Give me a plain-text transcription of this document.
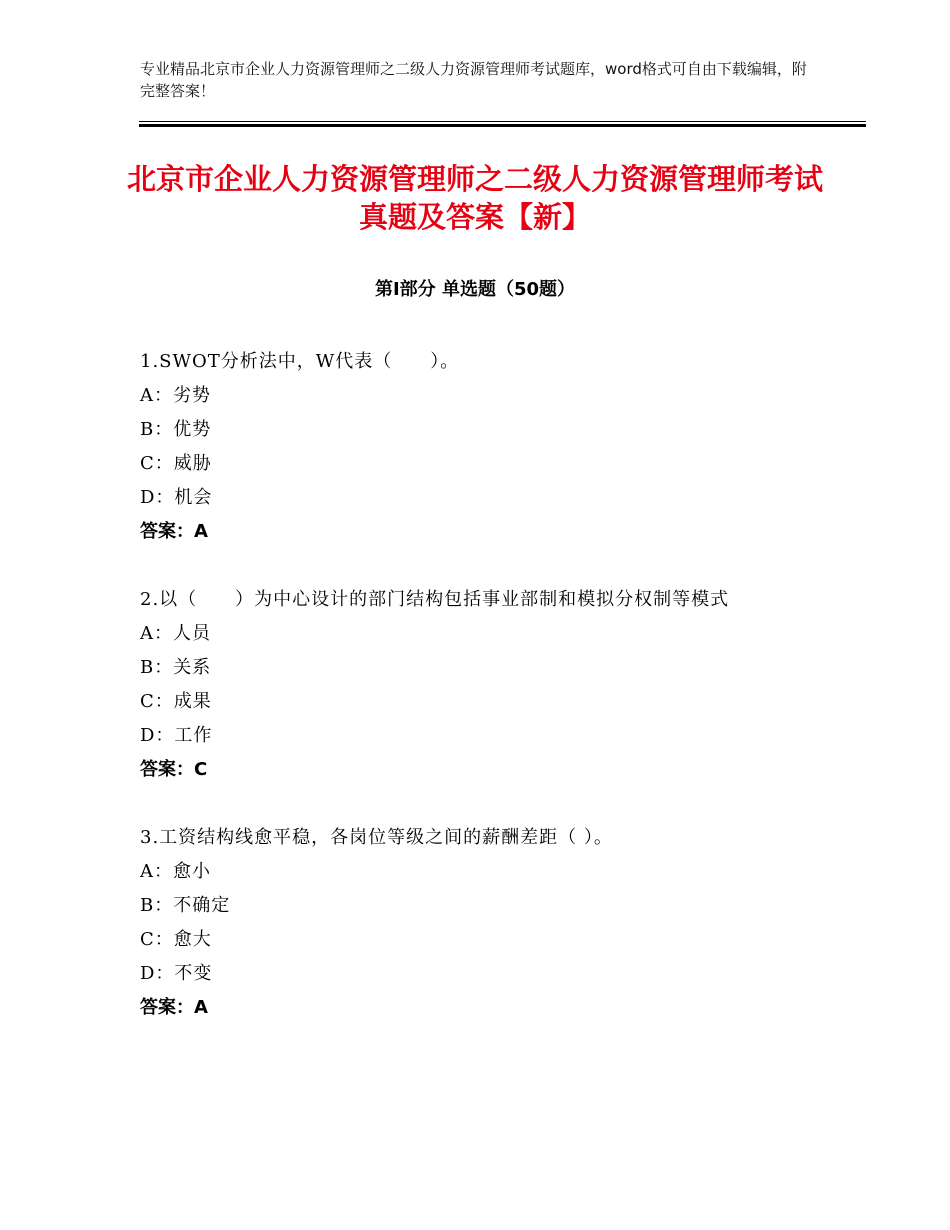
专业精品北京市企业人力资源管理师之二级人力资源管理师考试题库，word格式可自由下载编辑，附完整答案！
北京市企业人力资源管理师之二级人力资源管理师考试真题及答案【新】
第Ⅰ部分 单选题（50题）
1.SWOT分析法中，W代表（　　）。
A：劣势
B：优势
C：威胁
D：机会
答案：A
2.以（　　）为中心设计的部门结构包括事业部制和模拟分权制等模式
A：人员
B：关系
C：成果
D：工作
答案：C
3.工资结构线愈平稳，各岗位等级之间的薪酬差距（ ）。
A：愈小
B：不确定
C：愈大
D：不变
答案：A
